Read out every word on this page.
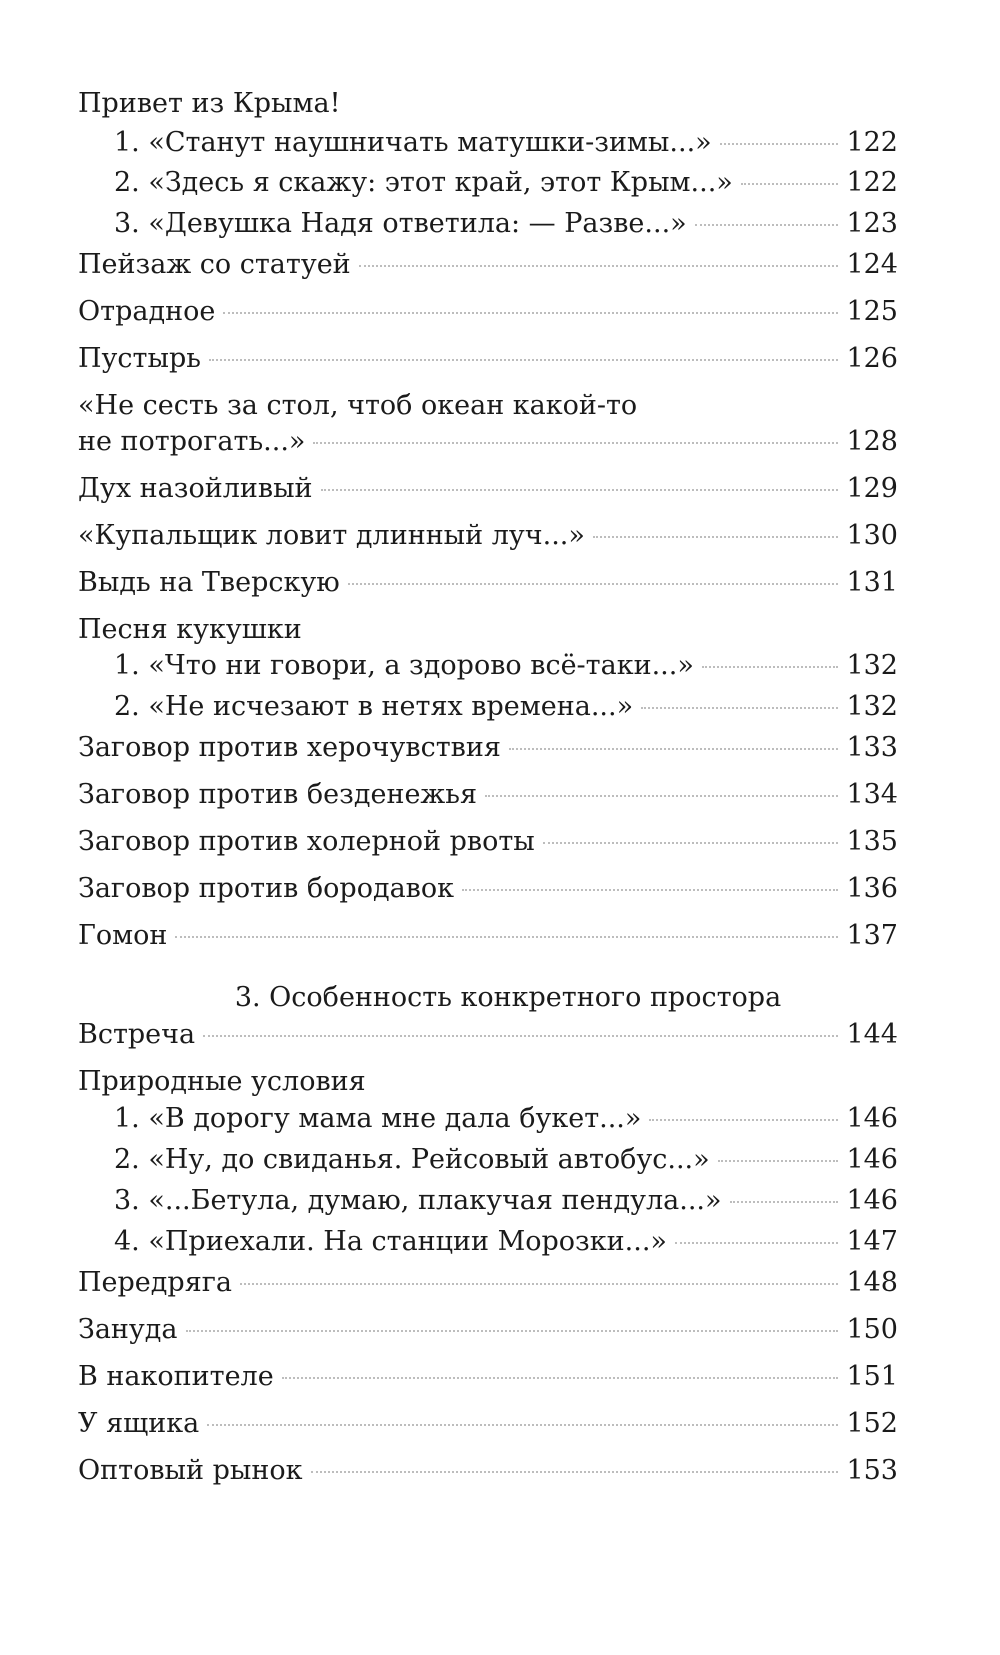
Привет из Крыма!
1. «Станут наушничать матушки-зимы...»	122
2. «Здесь я скажу: этот край, этот Крым...»	122
3. «Девушка Надя ответила: — Разве...»	123
Пейзаж со статуей	124
Отрадное	125
Пустырь	126
«Не сесть за стол, чтоб океан какой-то
не потрогать...»	128
Дух назойливый	129
«Купальщик ловит длинный луч...»	130
Выдь на Тверскую	131
Песня кукушки
1. «Что ни говори, а здорово всё-таки...»	132
2. «Не исчезают в нетях времена...»	132
Заговор против херочувствия	133
Заговор против безденежья	134
Заговор против холерной рвоты	135
Заговор против бородавок	136
Гомон	137
3. Особенность конкретного простора
Встреча	144
Природные условия
1. «В дорогу мама мне дала букет...»	146
2. «Ну, до свиданья. Рейсовый автобус...»	146
3. «...Бетула, думаю, плакучая пендула...»	146
4. «Приехали. На станции Морозки...»	147
Передряга	148
Зануда	150
В накопителе	151
У ящика	152
Оптовый рынок	153
